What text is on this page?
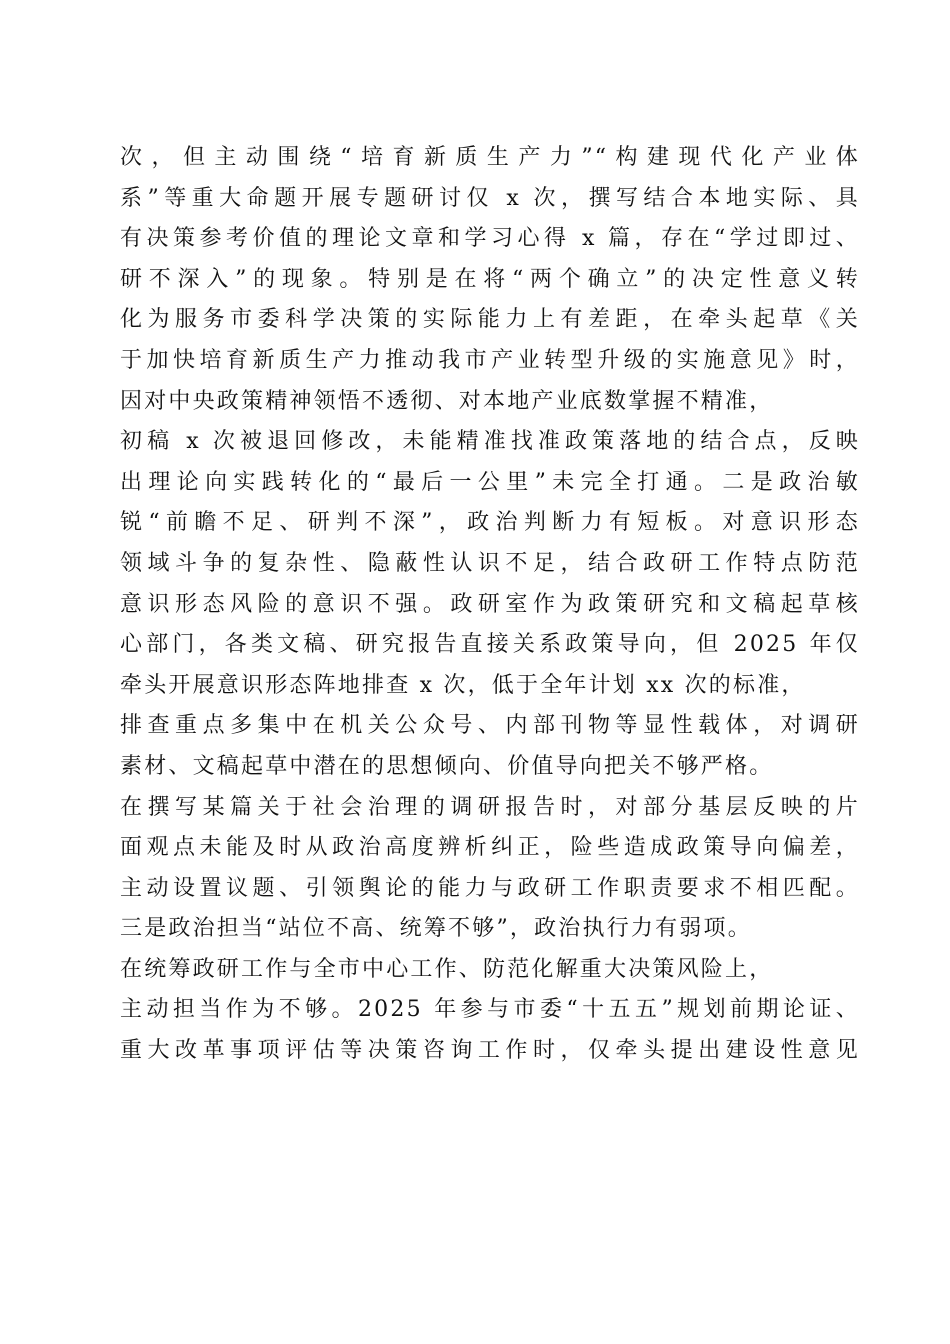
次，但主动围绕“培育新质生产力”“构建现代化产业体
系”等重大命题开展专题研讨仅 x 次，撰写结合本地实际、具
有决策参考价值的理论文章和学习心得 x 篇，存在“学过即过、
研不深入”的现象。特别是在将“两个确立”的决定性意义转
化为服务市委科学决策的实际能力上有差距，在牵头起草《关
于加快培育新质生产力推动我市产业转型升级的实施意见》时，
因对中央政策精神领悟不透彻、对本地产业底数掌握不精准，
初稿 x 次被退回修改，未能精准找准政策落地的结合点，反映
出理论向实践转化的“最后一公里”未完全打通。二是政治敏
锐“前瞻不足、研判不深”，政治判断力有短板。对意识形态
领域斗争的复杂性、隐蔽性认识不足，结合政研工作特点防范
意识形态风险的意识不强。政研室作为政策研究和文稿起草核
心部门，各类文稿、研究报告直接关系政策导向，但 2025 年仅
牵头开展意识形态阵地排查 x 次，低于全年计划 xx 次的标准，
排查重点多集中在机关公众号、内部刊物等显性载体，对调研
素材、文稿起草中潜在的思想倾向、价值导向把关不够严格。
在撰写某篇关于社会治理的调研报告时，对部分基层反映的片
面观点未能及时从政治高度辨析纠正，险些造成政策导向偏差，
主动设置议题、引领舆论的能力与政研工作职责要求不相匹配。
三是政治担当“站位不高、统筹不够”，政治执行力有弱项。
在统筹政研工作与全市中心工作、防范化解重大决策风险上，
主动担当作为不够。2025 年参与市委“十五五”规划前期论证、
重大改革事项评估等决策咨询工作时，仅牵头提出建设性意见
